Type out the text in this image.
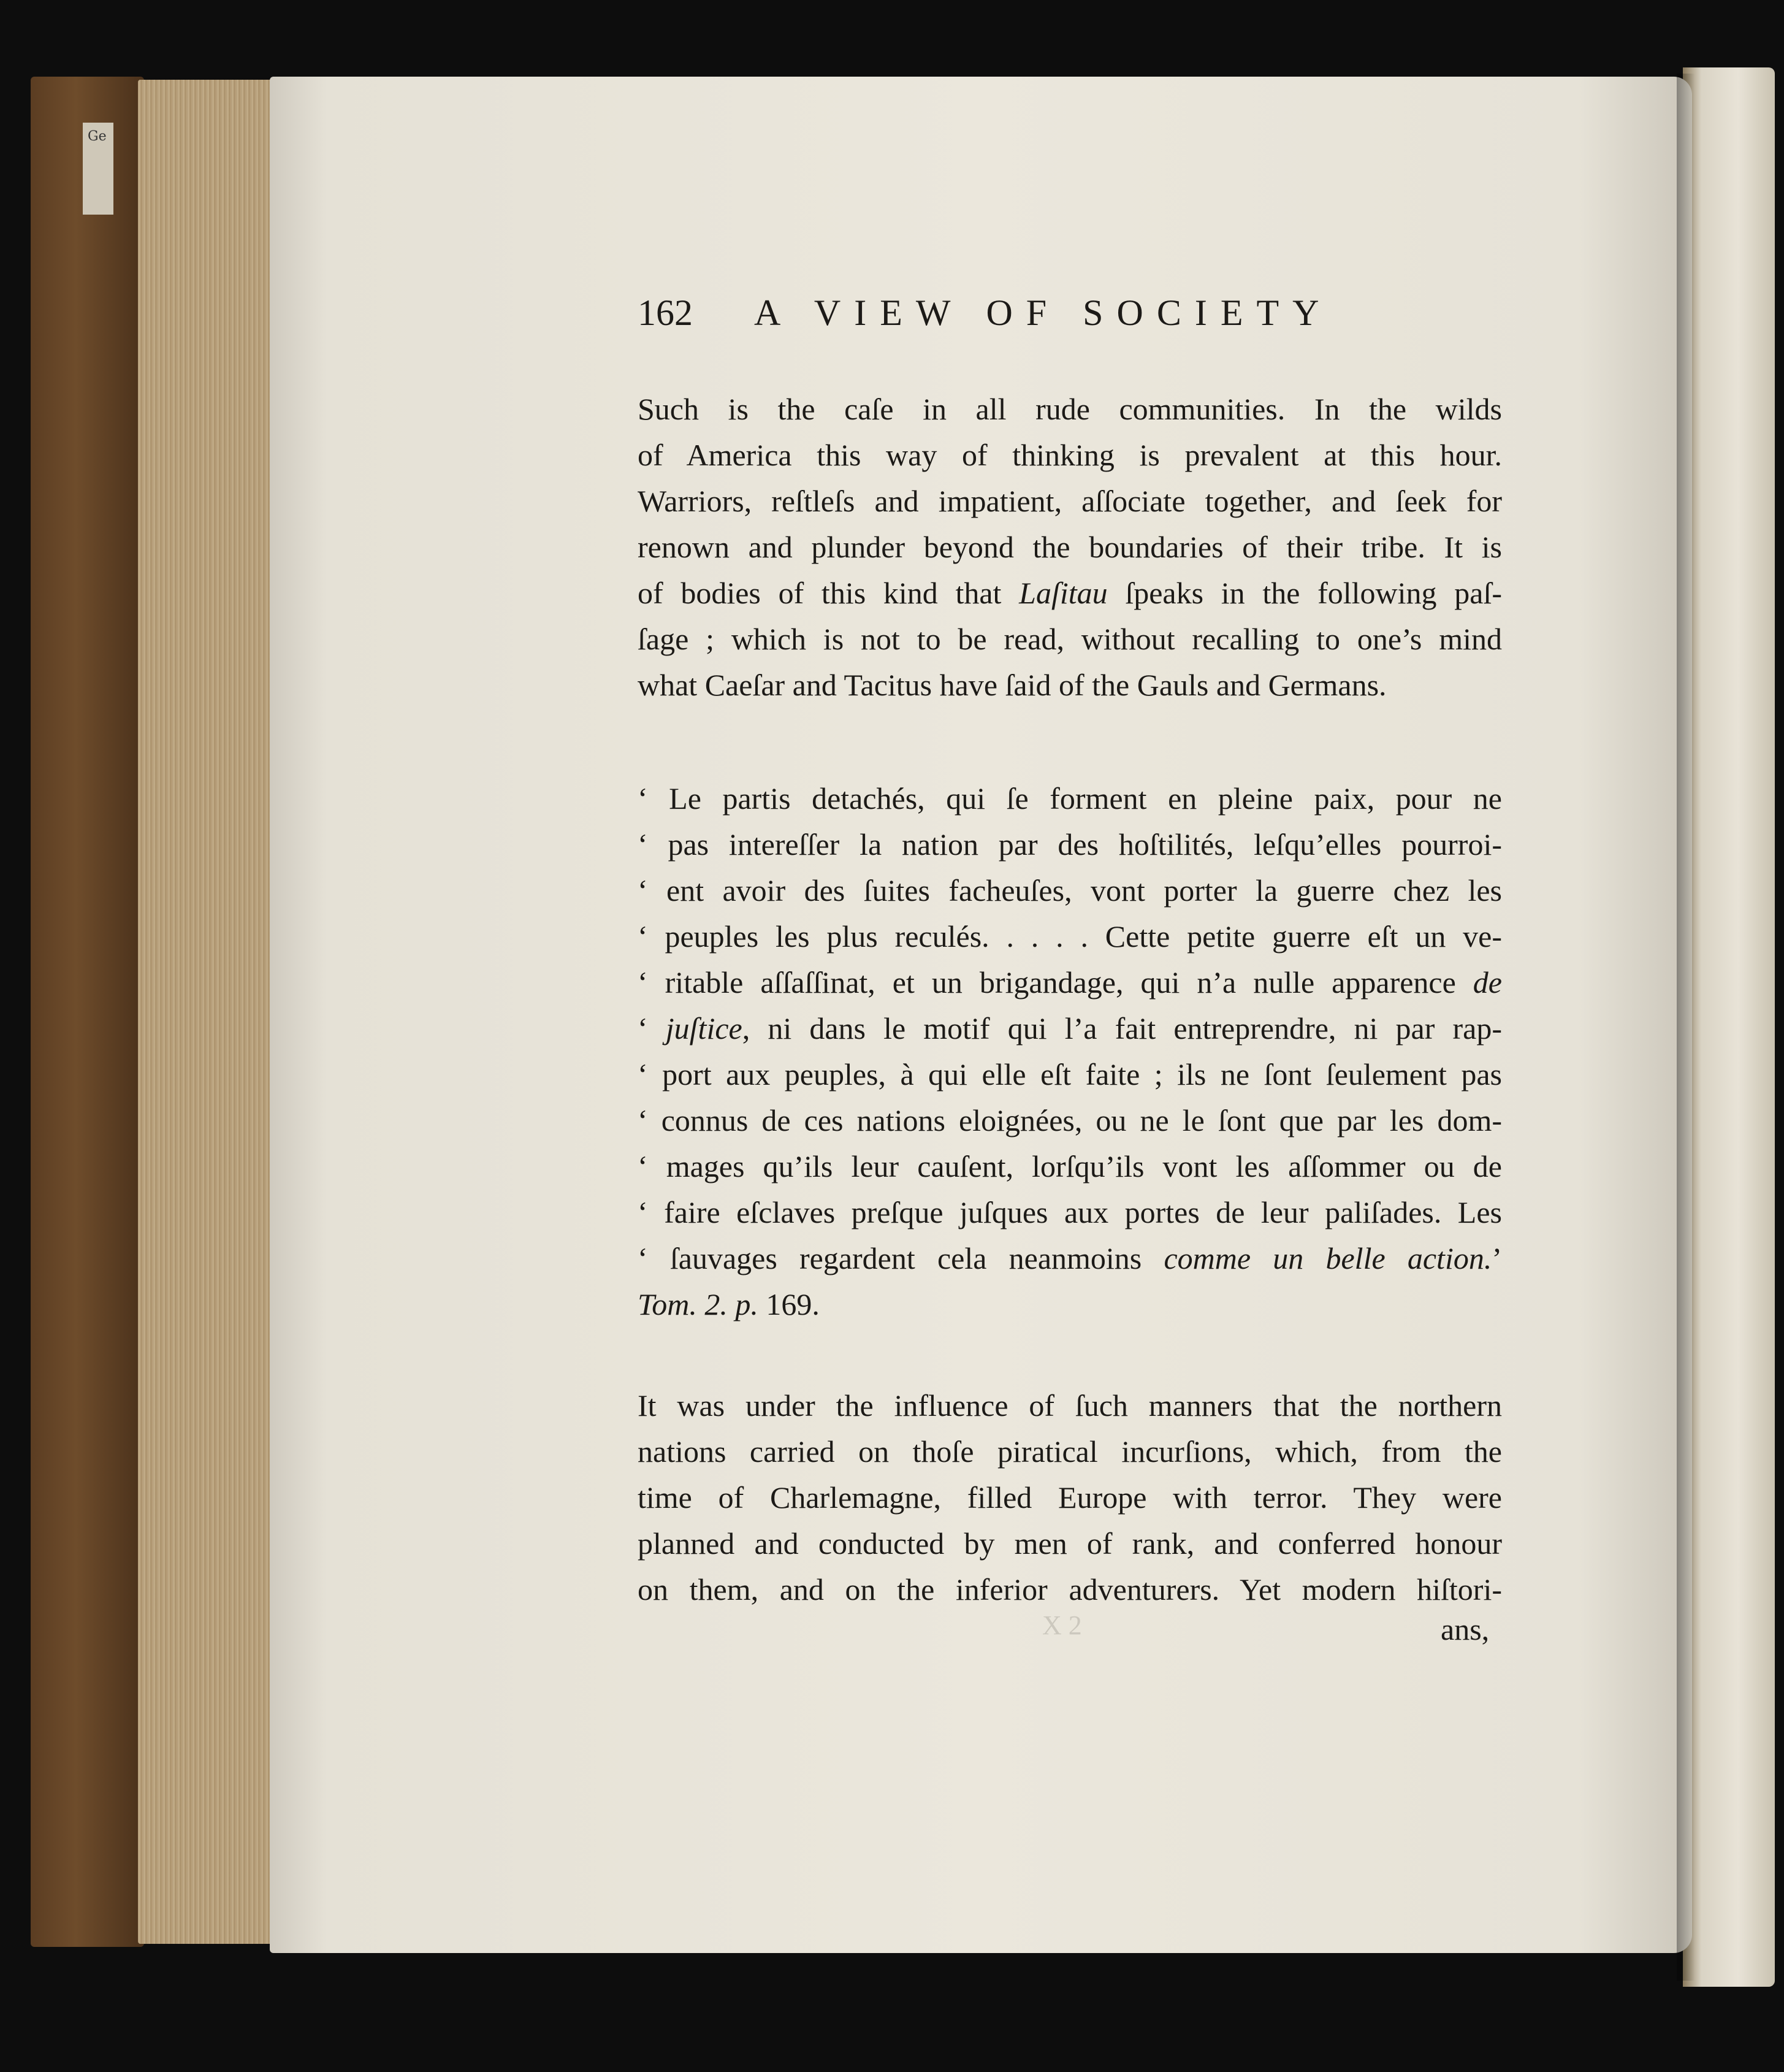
Ge
162 A VIEW OF SOCIETY
Such is the caſe in all rude communities. In the wilds
of America this way of thinking is prevalent at this hour.
Warriors, reſtleſs and impatient, aſſociate together, and ſeek for
renown and plunder beyond the boundaries of their tribe. It is
of bodies of this kind that Laſitau ſpeaks in the following paſ-
ſage ; which is not to be read, without recalling to one’s mind
what Caeſar and Tacitus have ſaid of the Gauls and Germans.
‘ Le partis detachés, qui ſe forment en pleine paix, pour ne
‘ pas intereſſer la nation par des hoſtilités, leſqu’elles pourroi-
‘ ent avoir des ſuites facheuſes, vont porter la guerre chez les
‘ peuples les plus reculés. . . . . Cette petite guerre eſt un ve-
‘ ritable aſſaſſinat, et un brigandage, qui n’a nulle apparence de
‘ juſtice, ni dans le motif qui l’a fait entreprendre, ni par rap-
‘ port aux peuples, à qui elle eſt faite ; ils ne ſont ſeulement pas
‘ connus de ces nations eloignées, ou ne le ſont que par les dom-
‘ mages qu’ils leur cauſent, lorſqu’ils vont les aſſommer ou de
‘ faire eſclaves preſque juſques aux portes de leur paliſades. Les
‘ ſauvages regardent cela neanmoins comme un belle action.’
Tom. 2. p. 169.
It was under the influence of ſuch manners that the northern
nations carried on thoſe piratical incurſions, which, from the
time of Charlemagne, filled Europe with terror. They were
planned and conducted by men of rank, and conferred honour
on them, and on the inferior adventurers. Yet modern hiſtori-
X 2	ans,
